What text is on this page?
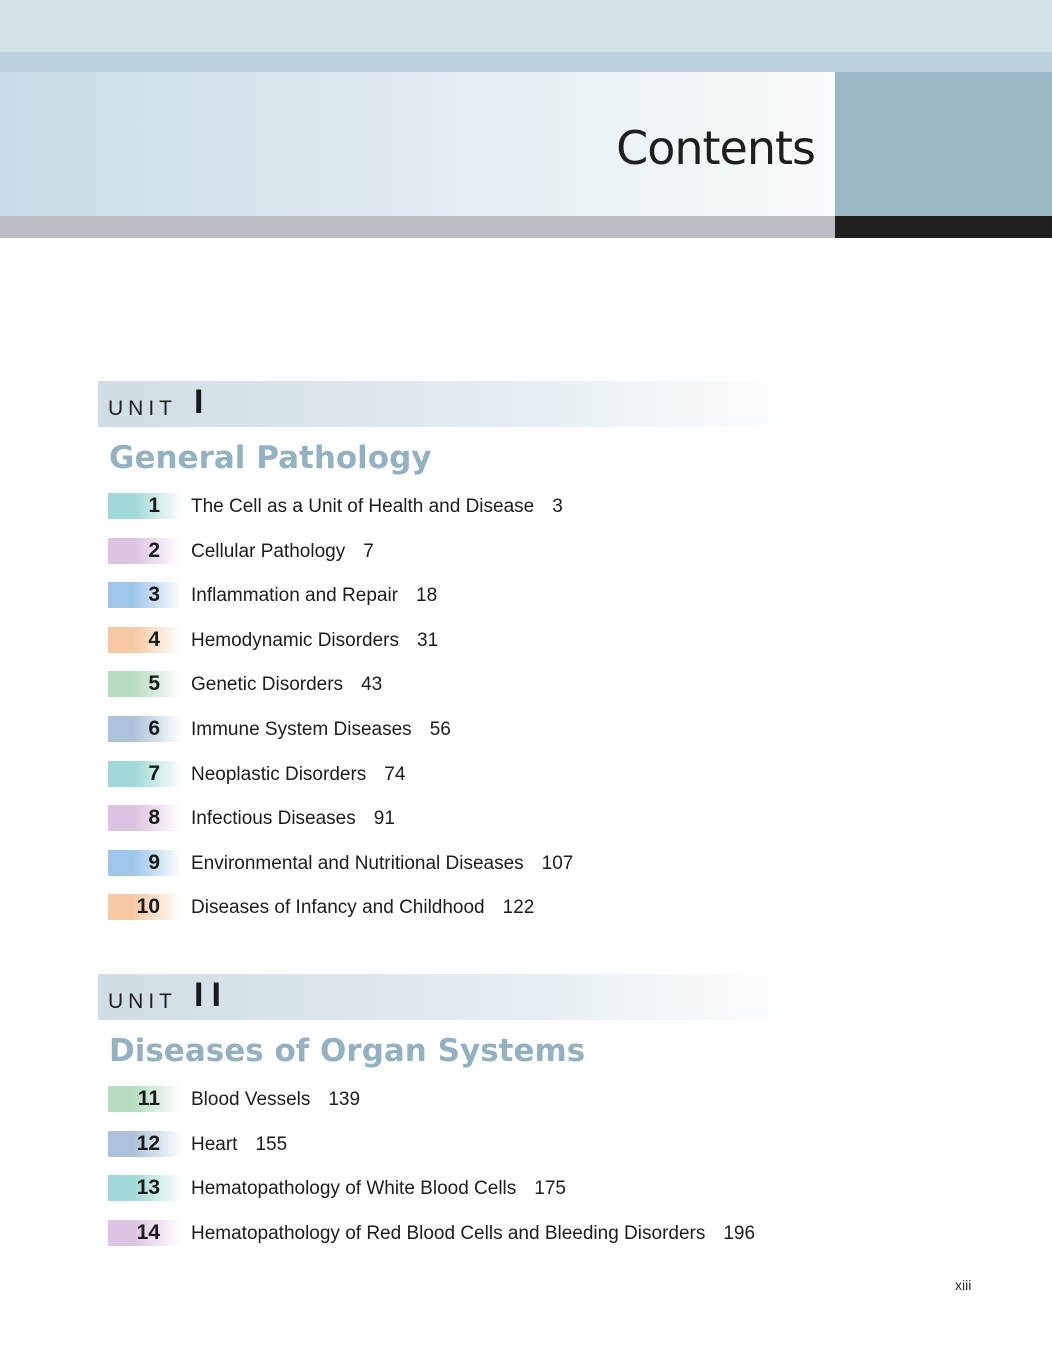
Contents
UNIT I
General Pathology
1 The Cell as a Unit of Health and Disease 3
2 Cellular Pathology 7
3 Inflammation and Repair 18
4 Hemodynamic Disorders 31
5 Genetic Disorders 43
6 Immune System Diseases 56
7 Neoplastic Disorders 74
8 Infectious Diseases 91
9 Environmental and Nutritional Diseases 107
10 Diseases of Infancy and Childhood 122
UNIT II
Diseases of Organ Systems
11 Blood Vessels 139
12 Heart 155
13 Hematopathology of White Blood Cells 175
14 Hematopathology of Red Blood Cells and Bleeding Disorders 196
xiii
